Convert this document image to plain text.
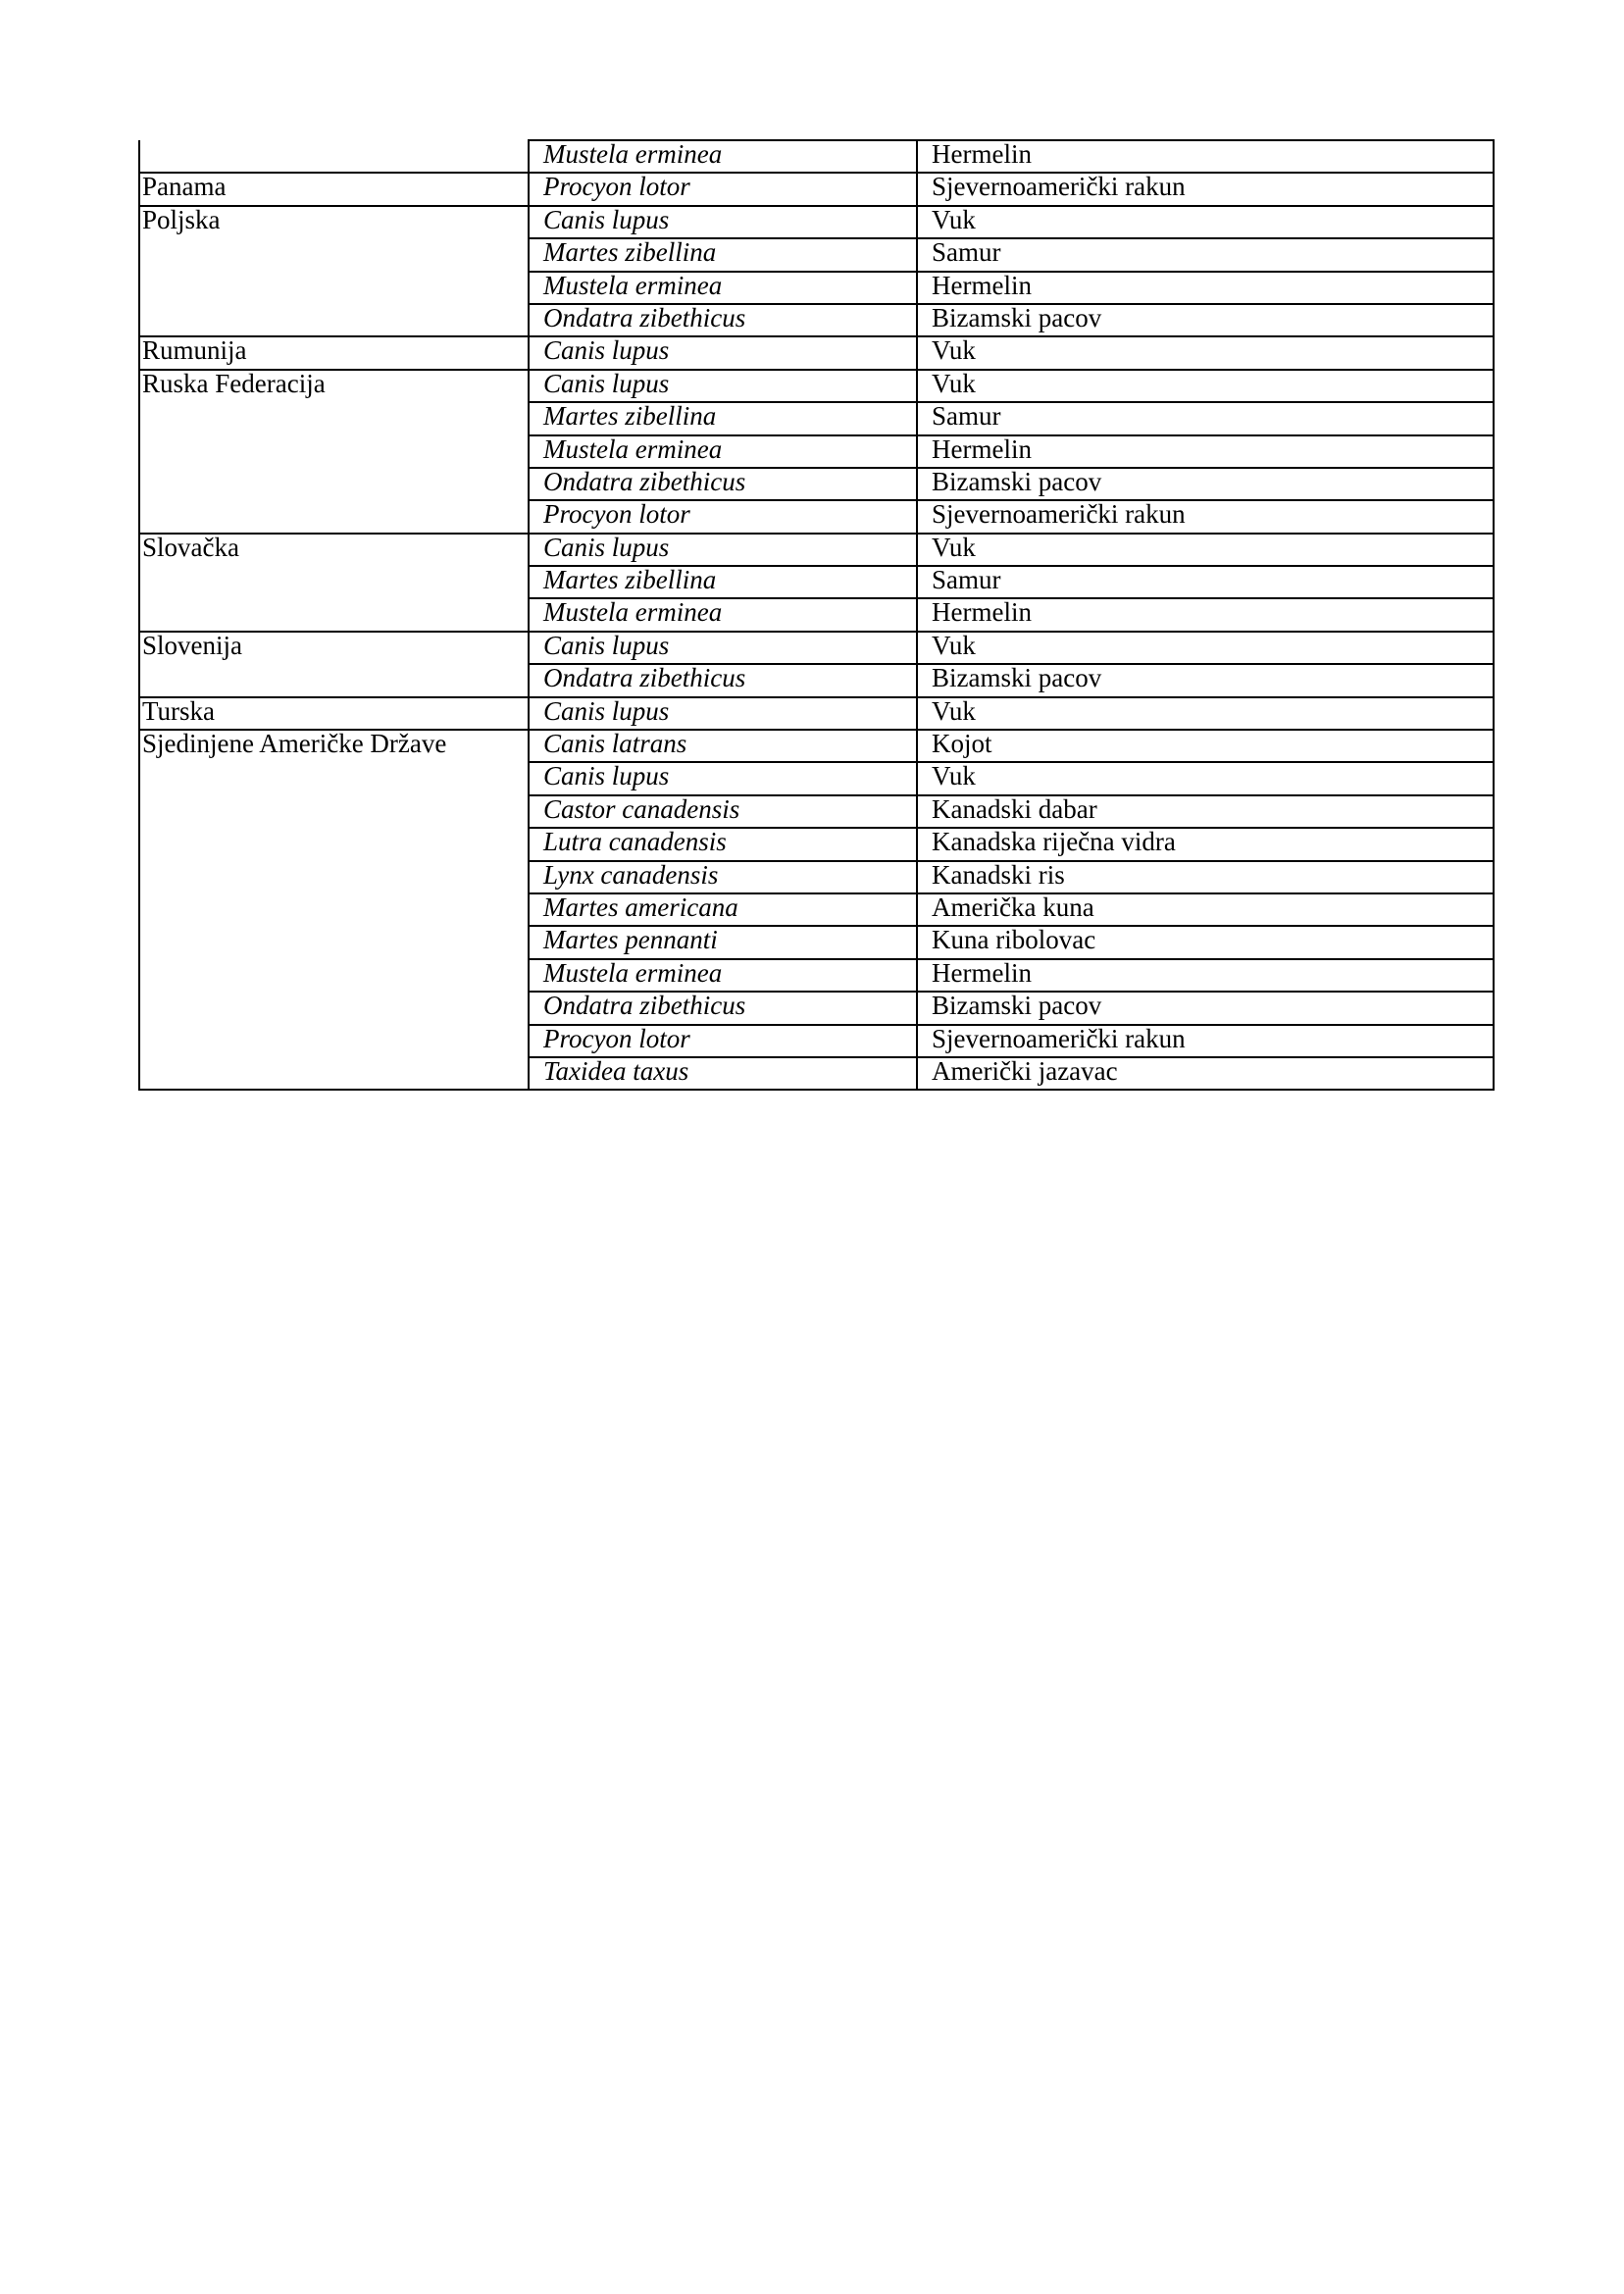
	Mustela erminea	Hermelin
Panama	Procyon lotor	Sjevernoamerički rakun
Poljska	Canis lupus	Vuk
	Martes zibellina	Samur
	Mustela erminea	Hermelin
	Ondatra zibethicus	Bizamski pacov
Rumunija	Canis lupus	Vuk
Ruska Federacija	Canis lupus	Vuk
	Martes zibellina	Samur
	Mustela erminea	Hermelin
	Ondatra zibethicus	Bizamski pacov
	Procyon lotor	Sjevernoamerički rakun
Slovačka	Canis lupus	Vuk
	Martes zibellina	Samur
	Mustela erminea	Hermelin
Slovenija	Canis lupus	Vuk
	Ondatra zibethicus	Bizamski pacov
Turska	Canis lupus	Vuk
Sjedinjene Američke Države	Canis latrans	Kojot
	Canis lupus	Vuk
	Castor canadensis	Kanadski dabar
	Lutra canadensis	Kanadska riječna vidra
	Lynx canadensis	Kanadski ris
	Martes americana	Američka kuna
	Martes pennanti	Kuna ribolovac
	Mustela erminea	Hermelin
	Ondatra zibethicus	Bizamski pacov
	Procyon lotor	Sjevernoamerički rakun
	Taxidea taxus	Američki jazavac
